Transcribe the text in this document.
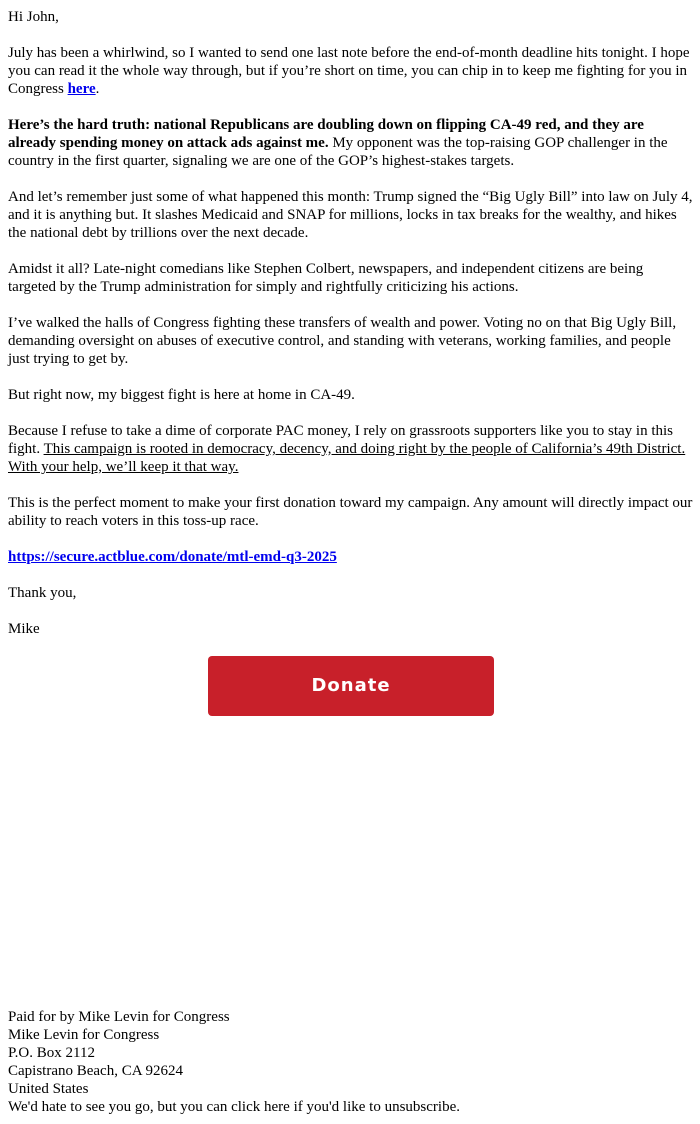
Hi John,

July has been a whirlwind, so I wanted to send one last note before the end-of-month deadline hits tonight. I hope you can read it the whole way through, but if you’re short on time, you can chip in to keep me fighting for you in Congress here.

Here’s the hard truth: national Republicans are doubling down on flipping CA-49 red, and they are already spending money on attack ads against me. My opponent was the top-raising GOP challenger in the country in the first quarter, signaling we are one of the GOP’s highest-stakes targets.

And let’s remember just some of what happened this month: Trump signed the “Big Ugly Bill” into law on July 4, and it is anything but. It slashes Medicaid and SNAP for millions, locks in tax breaks for the wealthy, and hikes the national debt by trillions over the next decade.

Amidst it all? Late-night comedians like Stephen Colbert, newspapers, and independent citizens are being targeted by the Trump administration for simply and rightfully criticizing his actions.

I’ve walked the halls of Congress fighting these transfers of wealth and power. Voting no on that Big Ugly Bill, demanding oversight on abuses of executive control, and standing with veterans, working families, and people just trying to get by.

But right now, my biggest fight is here at home in CA-49.

Because I refuse to take a dime of corporate PAC money, I rely on grassroots supporters like you to stay in this fight. This campaign is rooted in democracy, decency, and doing right by the people of California’s 49th District. With your help, we’ll keep it that way.

This is the perfect moment to make your first donation toward my campaign. Any amount will directly impact our ability to reach voters in this toss-up race.

https://secure.actblue.com/donate/mtl-emd-q3-2025

Thank you,

Mike

Donate
Paid for by Mike Levin for Congress
Mike Levin for Congress
P.O. Box 2112
Capistrano Beach, CA 92624
United States
We'd hate to see you go, but you can click here if you'd like to unsubscribe.
